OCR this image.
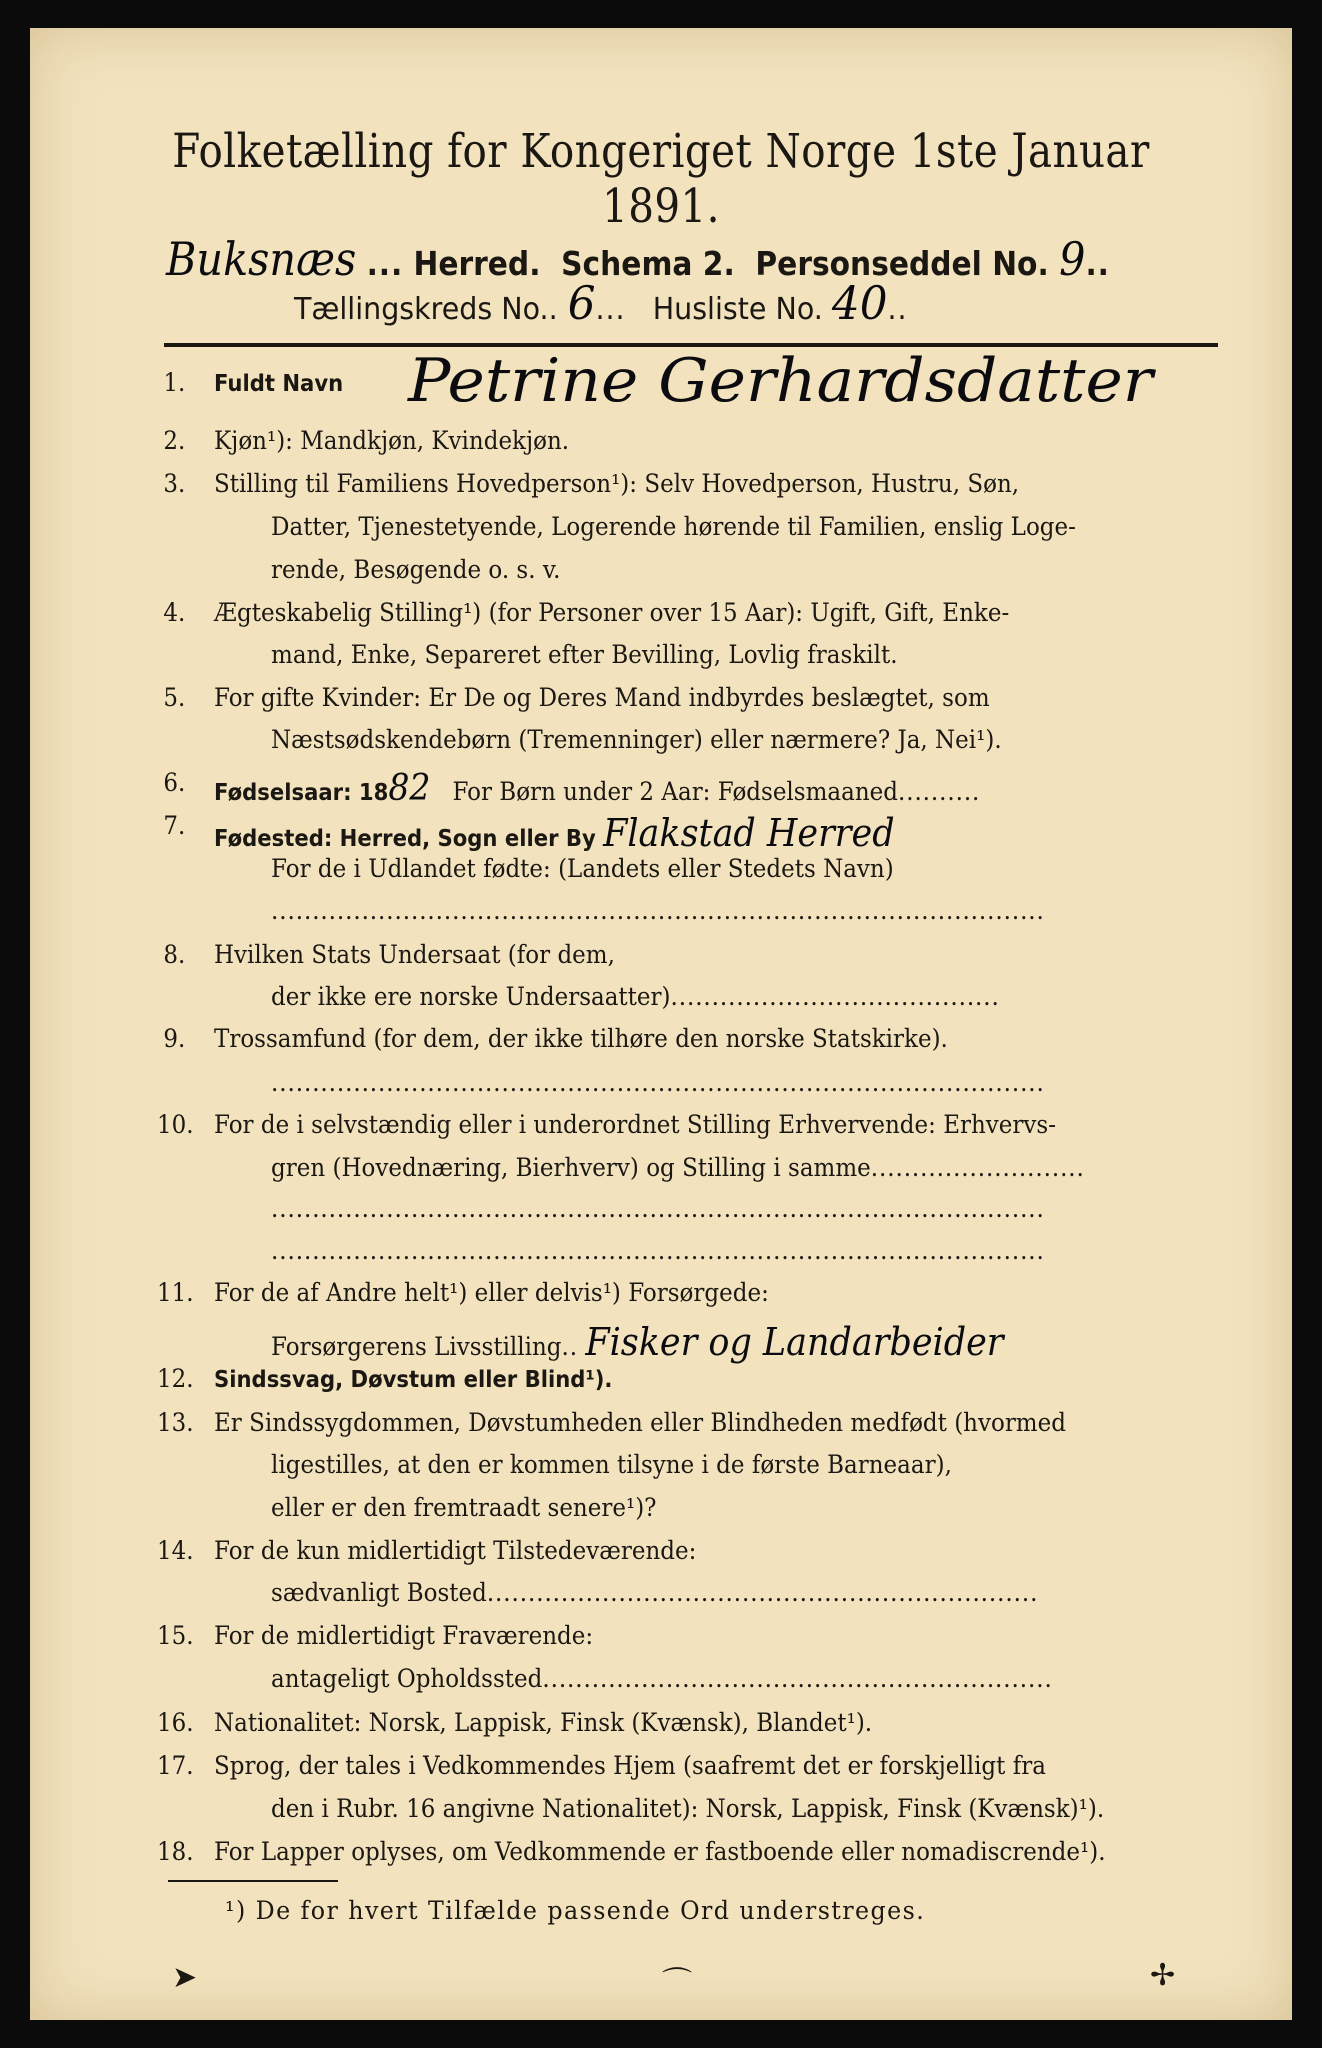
Folketælling for Kongeriget Norge 1ste Januar 1891.
Buksnæs ... Herred. Schema 2. Personseddel No. 9..
Tællingskreds No.. 6... Husliste No. 40..
1.	Fuldt Navn Petrine Gerhardsdatter
2.	Kjøn¹): Mandkjøn, Kvindekjøn.
3.	Stilling til Familiens Hovedperson¹): Selv Hovedperson, Hustru, Søn,
Datter, Tjenestetyende, Logerende hørende til Familien, enslig Loge-
rende, Besøgende o. s. v.
4.	Ægteskabelig Stilling¹) (for Personer over 15 Aar): Ugift, Gift, Enke-
mand, Enke, Separeret efter Bevilling, Lovlig fraskilt.
5.	For gifte Kvinder: Er De og Deres Mand indbyrdes beslægtet, som
Næstsødskendebørn (Tremenninger) eller nærmere? Ja, Nei¹).
6.	Fødselsaar: 1882 For Børn under 2 Aar: Fødselsmaaned..........
7.	Fødested: Herred, Sogn eller By Flakstad Herred
For de i Udlandet fødte: (Landets eller Stedets Navn)
..............................................................................................
8.	Hvilken Stats Undersaat (for dem,
der ikke ere norske Undersaatter)........................................
9.	Trossamfund (for dem, der ikke tilhøre den norske Statskirke).
..............................................................................................
10. For de i selvstændig eller i underordnet Stilling Erhvervende: Erhvervs-
gren (Hovednæring, Bierhverv) og Stilling i samme..........................
..............................................................................................
..............................................................................................
11. For de af Andre helt¹) eller delvis¹) Forsørgede:
Forsørgerens Livsstilling.. Fisker og Landarbeider
12. Sindssvag, Døvstum eller Blind¹).
13. Er Sindssygdommen, Døvstumheden eller Blindheden medfødt (hvormed
ligestilles, at den er kommen tilsyne i de første Barneaar),
eller er den fremtraadt senere¹)?
14. For de kun midlertidigt Tilstedeværende:
sædvanligt Bosted...................................................................
15. For de midlertidigt Fraværende:
antageligt Opholdssted..............................................................
16. Nationalitet: Norsk, Lappisk, Finsk (Kvænsk), Blandet¹).
17. Sprog, der tales i Vedkommendes Hjem (saafremt det er forskjelligt fra
den i Rubr. 16 angivne Nationalitet): Norsk, Lappisk, Finsk (Kvænsk)¹).
18. For Lapper oplyses, om Vedkommende er fastboende eller nomadiscrende¹).
¹) De for hvert Tilfælde passende Ord understreges.
➤	⌒	✢
